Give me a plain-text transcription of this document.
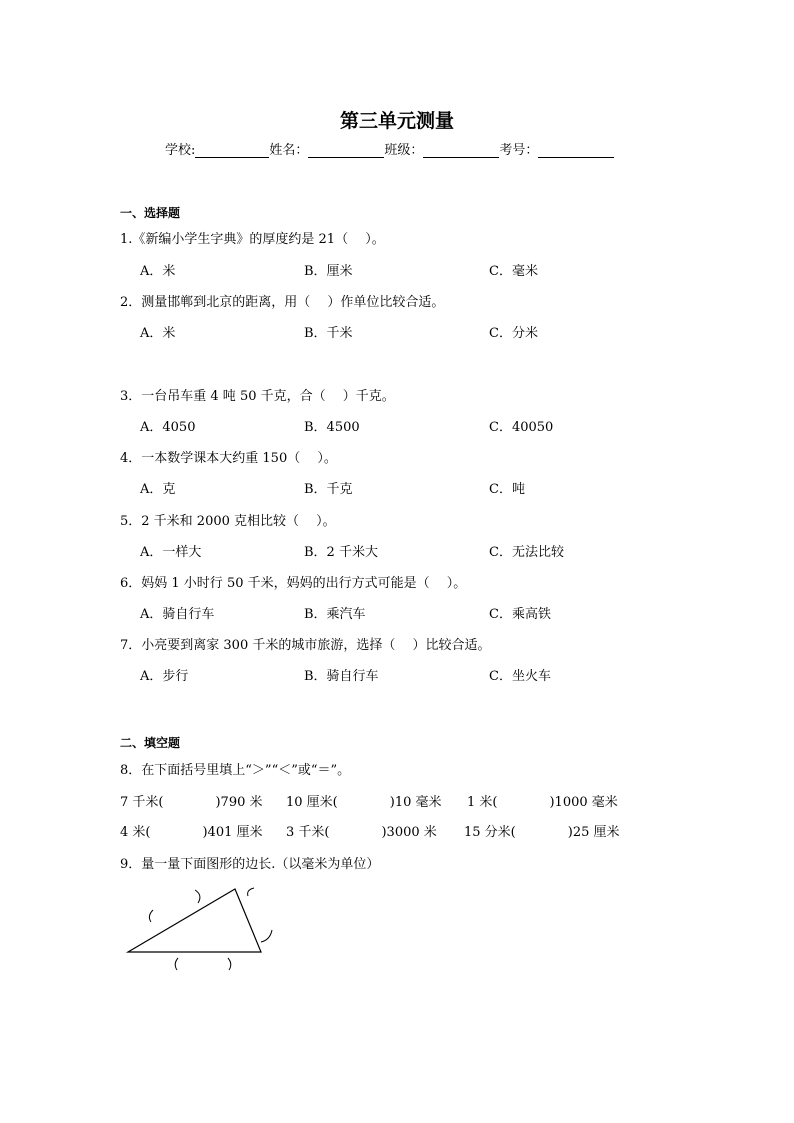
第三单元测量
学校:	姓名：	班级：	考号：
一、选择题
1.《新编小学生字典》的厚度约是 21（　 ）。
A．米	B．厘米	C．毫米
2．测量邯郸到北京的距离，用（　 ）作单位比较合适。
A．米	B．千米	C．分米
3．一台吊车重 4 吨 50 千克，合（　 ）千克。
A．4050	B．4500	C．40050
4．一本数学课本大约重 150（　 ）。
A．克	B．千克	C．吨
5．2 千米和 2000 克相比较（　 ）。
A．一样大	B．2 千米大	C．无法比较
6．妈妈 1 小时行 50 千米，妈妈的出行方式可能是（　 ）。
A．骑自行车	B．乘汽车	C．乘高铁
7．小亮要到离家 300 千米的城市旅游，选择（　 ）比较合适。
A．步行	B．骑自行车	C．坐火车
二、填空题
8．在下面括号里填上“＞”“＜”或“＝”。
7 千米(　　　　)790 米 10 厘米(　　　　)10 毫米 1 米(　　　　)1000 毫米
4 米(　　　　)401 厘米 3 千米(　　　　)3000 米 15 分米(　　　　)25 厘米
9．量一量下面图形的边长.（以毫米为单位）
